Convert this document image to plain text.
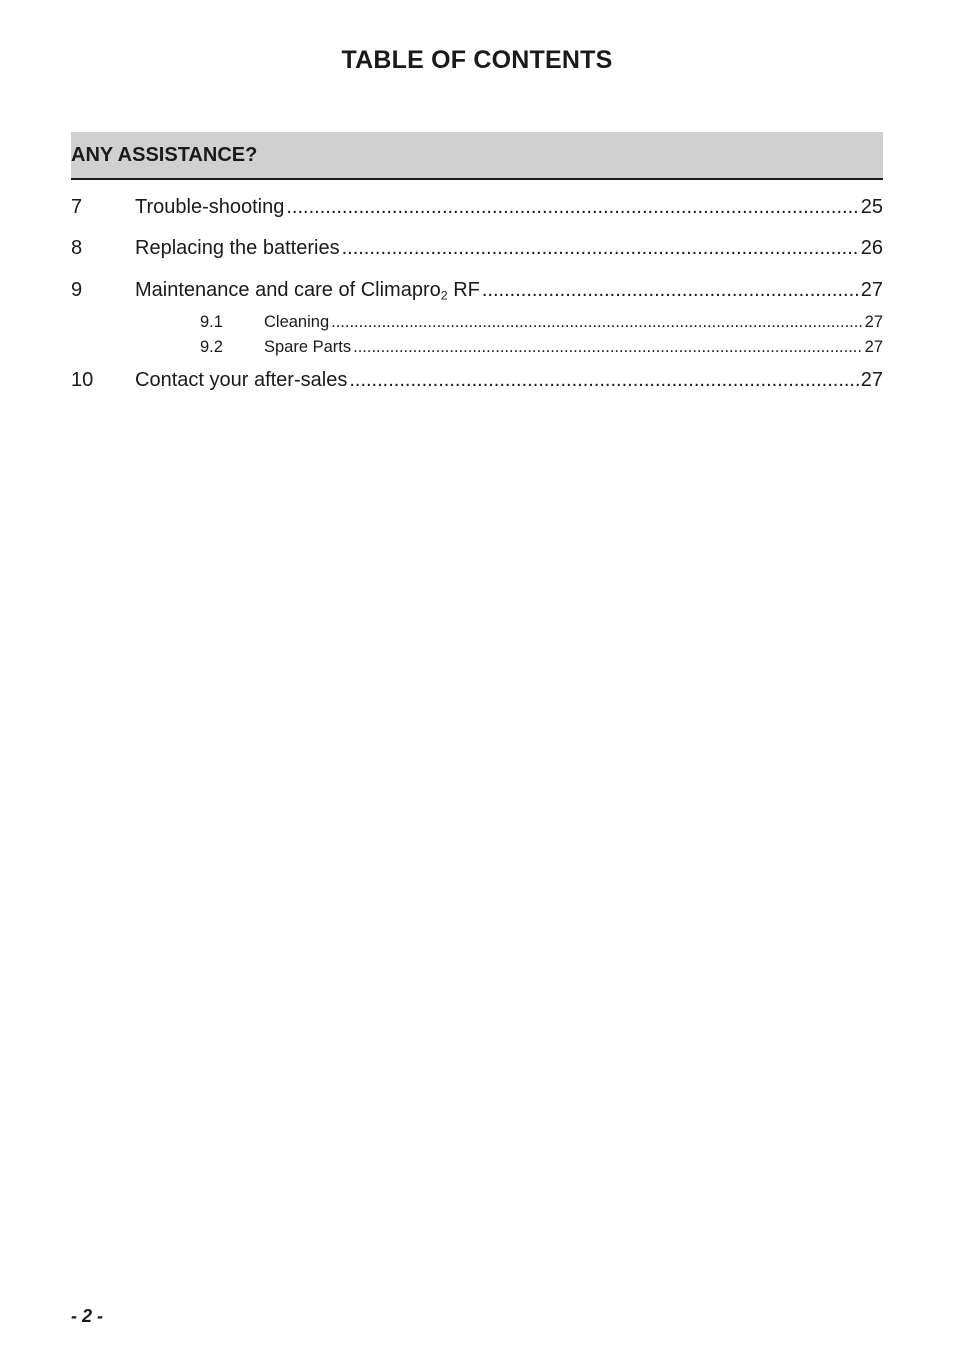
TABLE OF CONTENTS
ANY ASSISTANCE?
7	Trouble-shooting .....	25
8	Replacing the batteries .....	26
9	Maintenance and care of Climapro$_2$ RF .....	27
9.1	Cleaning .....	27
9.2	Spare Parts .....	27
10	Contact your after-sales .....	27
- 2 -
